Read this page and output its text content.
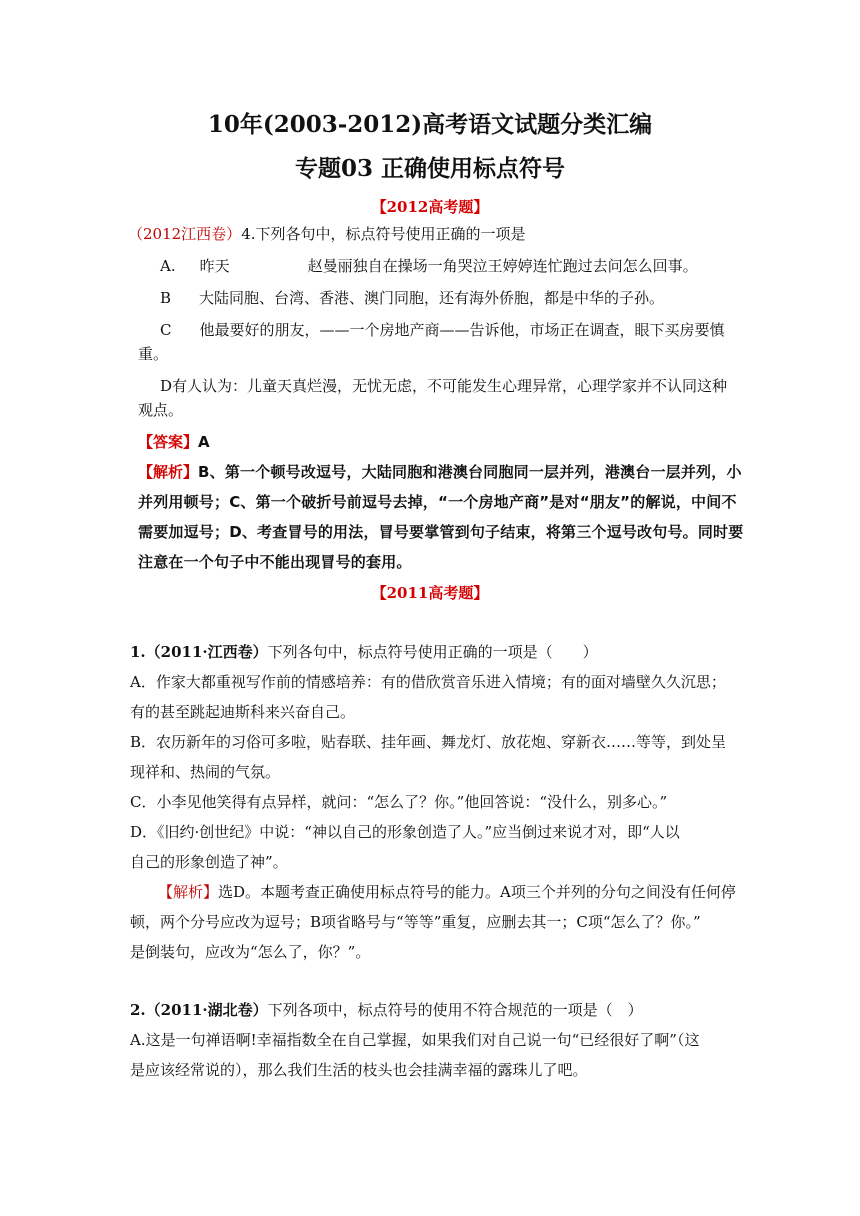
10年(2003-2012)高考语文试题分类汇编
专题03 正确使用标点符号
【2012高考题】
（2012江西卷）4.下列各句中，标点符号使用正确的一项是
A. 昨天	赵曼丽独自在操场一角哭泣王婷婷连忙跑过去问怎么回事。
B 大陆同胞、台湾、香港、澳门同胞，还有海外侨胞，都是中华的子孙。
C 他最要好的朋友，——一个房地产商——告诉他，市场正在调查，眼下买房要慎
重。
D有人认为：儿童天真烂漫，无忧无虑，不可能发生心理异常，心理学家并不认同这种
观点。
【答案】A
【解析】B、第一个顿号改逗号，大陆同胞和港澳台同胞同一层并列，港澳台一层并列，小
并列用顿号；C、第一个破折号前逗号去掉，“一个房地产商”是对“朋友”的解说，中间不
需要加逗号；D、考查冒号的用法，冒号要掌管到句子结束，将第三个逗号改句号。同时要
注意在一个句子中不能出现冒号的套用。
【2011高考题】
1.（2011·江西卷）下列各句中，标点符号使用正确的一项是（　　）
A．作家大都重视写作前的情感培养：有的借欣赏音乐进入情境；有的面对墙壁久久沉思；
有的甚至跳起迪斯科来兴奋自己。
B．农历新年的习俗可多啦，贴春联、挂年画、舞龙灯、放花炮、穿新衣……等等，到处呈
现祥和、热闹的气氛。
C．小李见他笑得有点异样，就问：“怎么了？你。”他回答说：“没什么，别多心。”
D．《旧约·创世纪》中说：“神以自己的形象创造了人。”应当倒过来说才对，即“人以
自己的形象创造了神”。
【解析】选D。本题考查正确使用标点符号的能力。A项三个并列的分句之间没有任何停
顿，两个分号应改为逗号；B项省略号与“等等”重复，应删去其一；C项“怎么了？你。”
是倒装句，应改为“怎么了，你？”。
2.（2011·湖北卷）下列各项中，标点符号的使用不符合规范的一项是（　）
A.这是一句禅语啊!幸福指数全在自己掌握，如果我们对自己说一句“已经很好了啊”（这
是应该经常说的），那么我们生活的枝头也会挂满幸福的露珠儿了吧。
